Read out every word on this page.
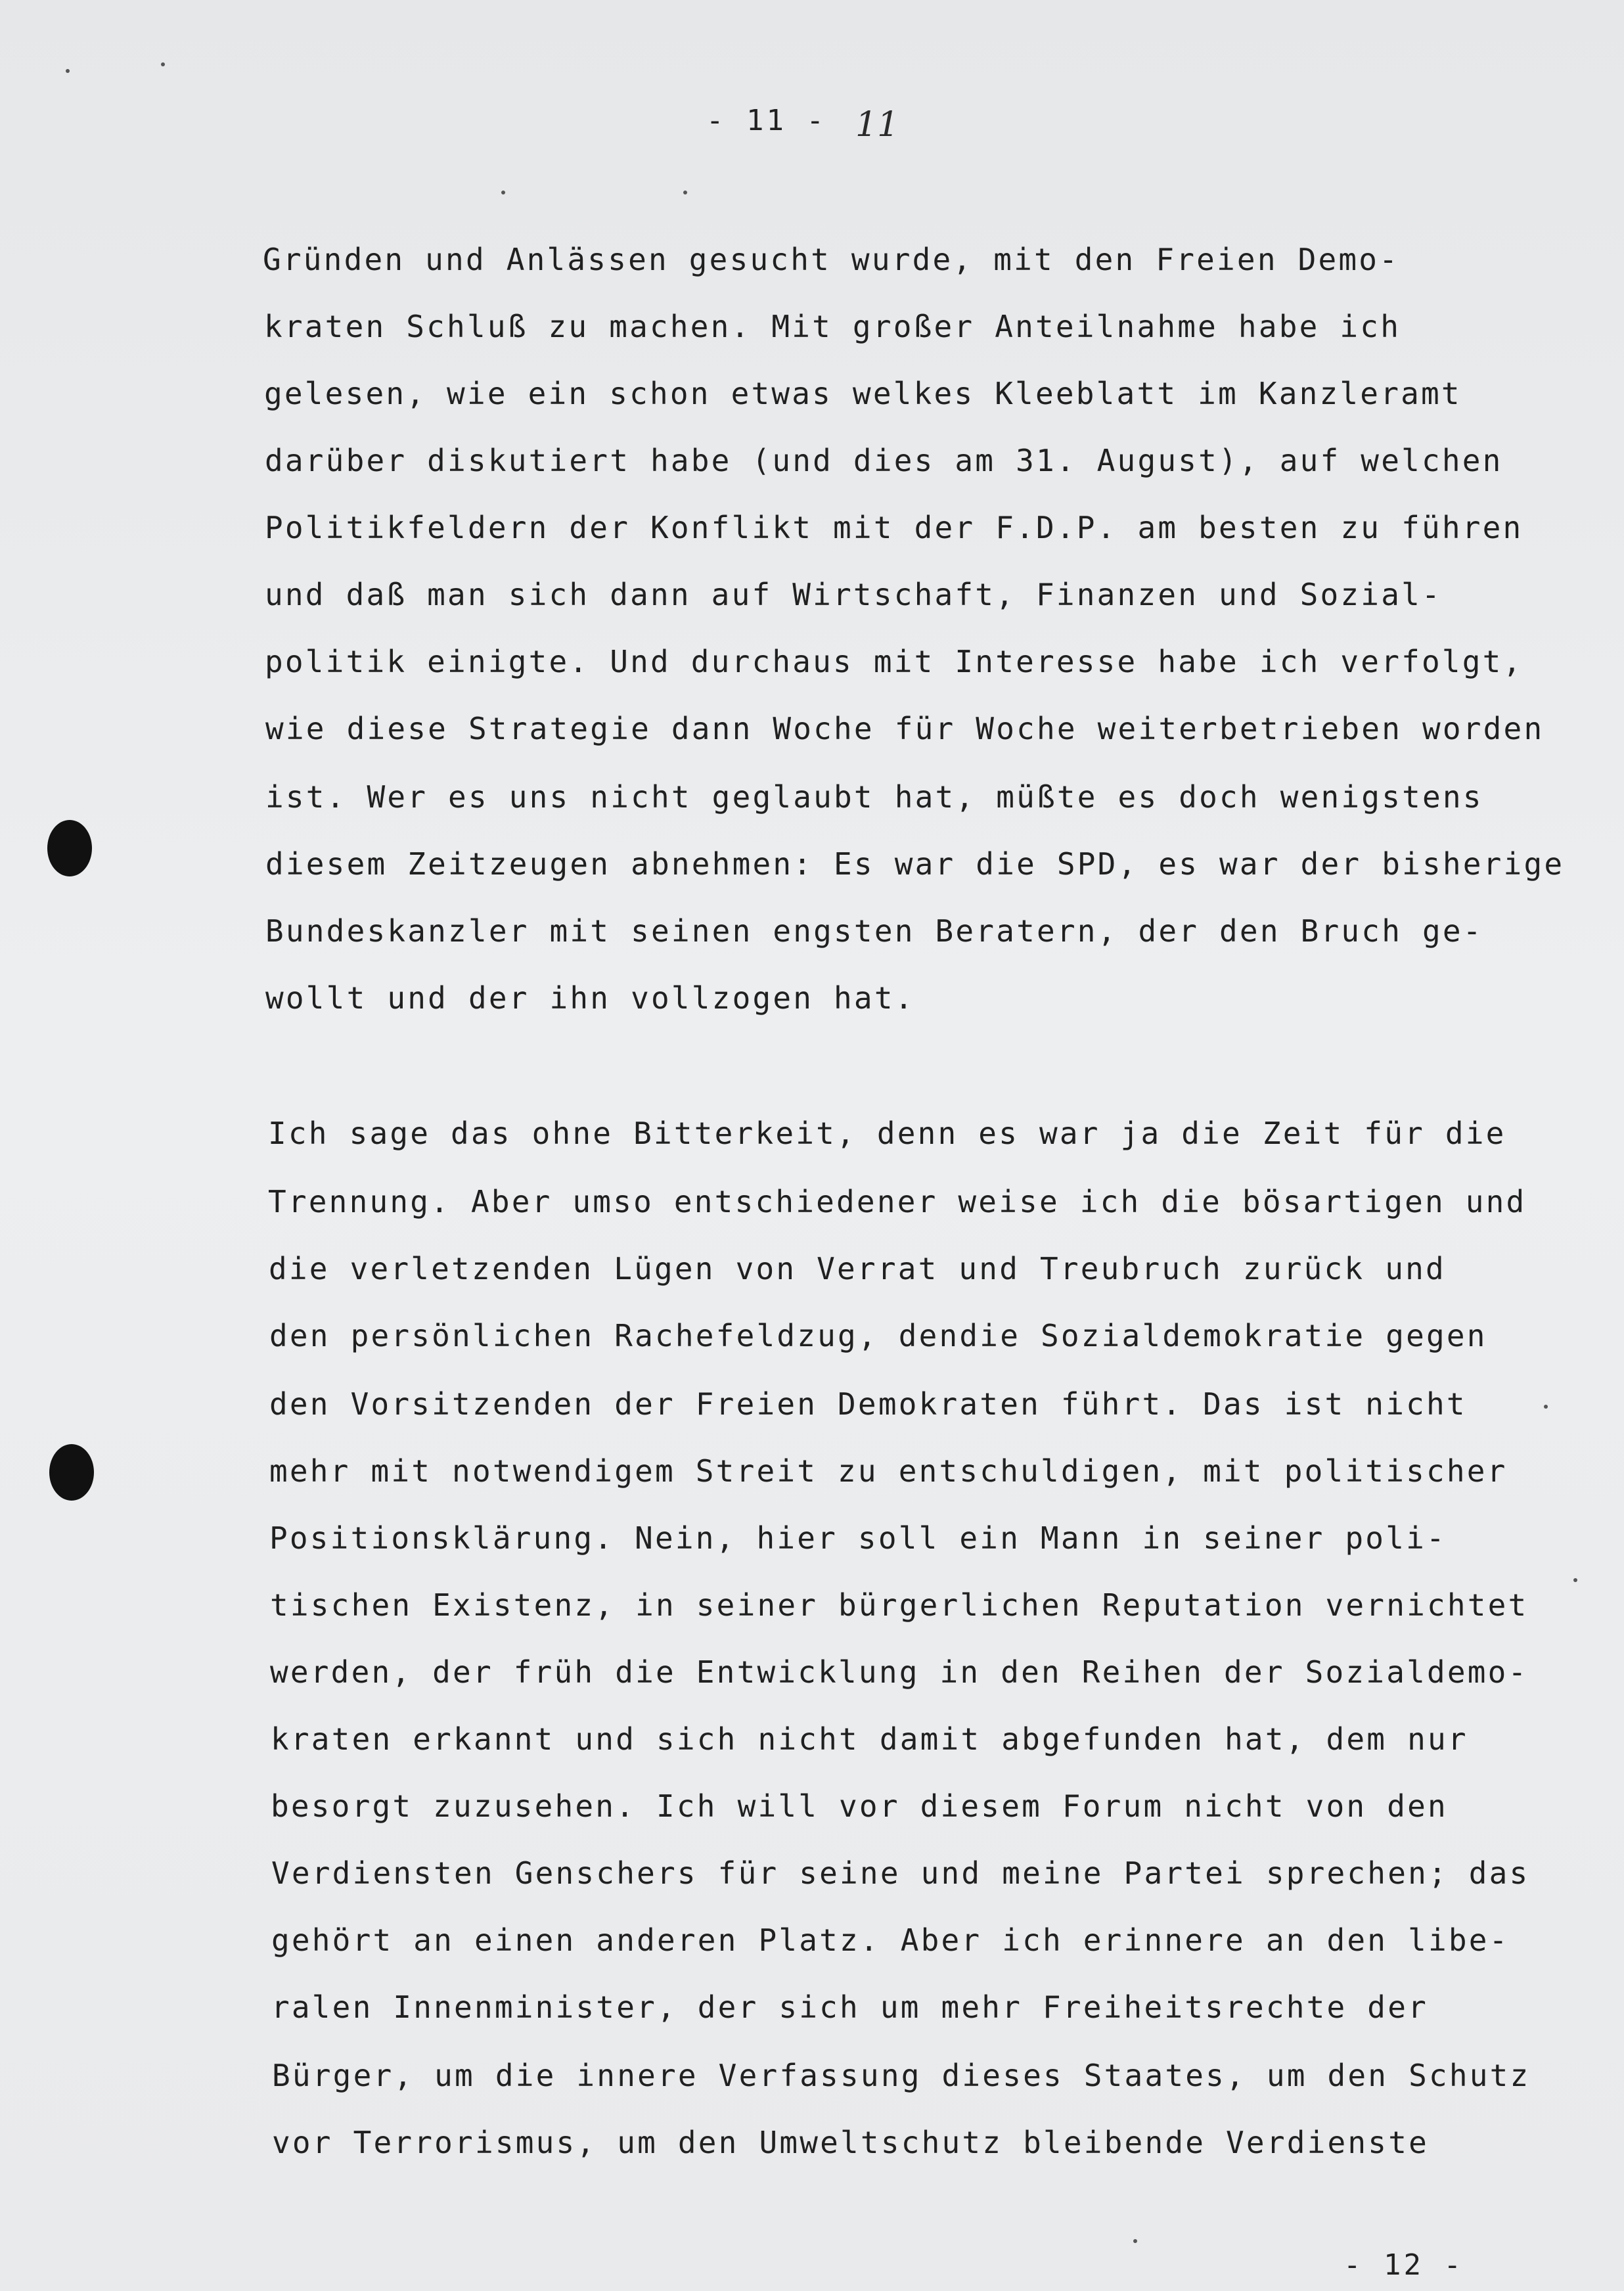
- 11 - 11
Gründen und Anlässen gesucht wurde, mit den Freien Demo-
kraten Schluß zu machen. Mit großer Anteilnahme habe ich
gelesen, wie ein schon etwas welkes Kleeblatt im Kanzleramt
darüber diskutiert habe (und dies am 31. August), auf welchen
Politikfeldern der Konflikt mit der F.D.P. am besten zu führen
und daß man sich dann auf Wirtschaft, Finanzen und Sozial-
politik einigte. Und durchaus mit Interesse habe ich verfolgt,
wie diese Strategie dann Woche für Woche weiterbetrieben worden
ist. Wer es uns nicht geglaubt hat, müßte es doch wenigstens
diesem Zeitzeugen abnehmen: Es war die SPD, es war der bisherige
Bundeskanzler mit seinen engsten Beratern, der den Bruch ge-
wollt und der ihn vollzogen hat.
Ich sage das ohne Bitterkeit, denn es war ja die Zeit für die
Trennung. Aber umso entschiedener weise ich die bösartigen und
die verletzenden Lügen von Verrat und Treubruch zurück und
den persönlichen Rachefeldzug, dendie Sozialdemokratie gegen
den Vorsitzenden der Freien Demokraten führt. Das ist nicht
mehr mit notwendigem Streit zu entschuldigen, mit politischer
Positionsklärung. Nein, hier soll ein Mann in seiner poli-
tischen Existenz, in seiner bürgerlichen Reputation vernichtet
werden, der früh die Entwicklung in den Reihen der Sozialdemo-
kraten erkannt und sich nicht damit abgefunden hat, dem nur
besorgt zuzusehen. Ich will vor diesem Forum nicht von den
Verdiensten Genschers für seine und meine Partei sprechen; das
gehört an einen anderen Platz. Aber ich erinnere an den libe-
ralen Innenminister, der sich um mehr Freiheitsrechte der
Bürger, um die innere Verfassung dieses Staates, um den Schutz
vor Terrorismus, um den Umweltschutz bleibende Verdienste
- 12 -
